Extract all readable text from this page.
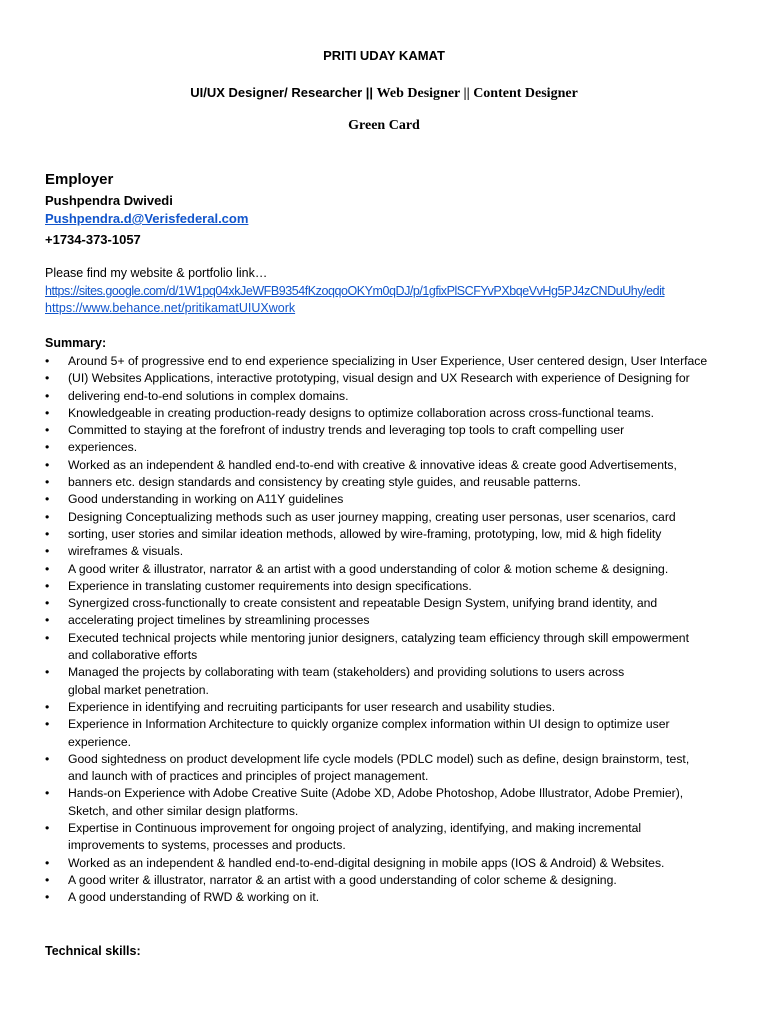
PRITI UDAY KAMAT
UI/UX Designer/ Researcher || Web Designer || Content Designer
Green Card
Employer
Pushpendra Dwivedi
Pushpendra.d@Verisfederal.com
+1734-373-1057
Please find my website & portfolio link…
https://sites.google.com/d/1W1pq04xkJeWFB9354fKzoqqoOKYm0qDJ/p/1gfixPlSCFYvPXbqeVvHg5PJ4zCNDuUhy/edit
https://www.behance.net/pritikamatUIUXwork
Summary:
• Around 5+ of progressive end to end experience specializing in User Experience, User centered design, User Interface
• (UI) Websites Applications, interactive prototyping, visual design and UX Research with experience of Designing for
• delivering end-to-end solutions in complex domains.
• Knowledgeable in creating production-ready designs to optimize collaboration across cross-functional teams.
• Committed to staying at the forefront of industry trends and leveraging top tools to craft compelling user
• experiences.
• Worked as an independent & handled end-to-end with creative & innovative ideas & create good Advertisements,
• banners etc. design standards and consistency by creating style guides, and reusable patterns.
• Good understanding in working on A11Y guidelines
• Designing Conceptualizing methods such as user journey mapping, creating user personas, user scenarios, card
• sorting, user stories and similar ideation methods, allowed by wire-framing, prototyping, low, mid & high fidelity
• wireframes & visuals.
• A good writer & illustrator, narrator & an artist with a good understanding of color & motion scheme & designing.
• Experience in translating customer requirements into design specifications.
• Synergized cross-functionally to create consistent and repeatable Design System, unifying brand identity, and
• accelerating project timelines by streamlining processes
• Executed technical projects while mentoring junior designers, catalyzing team efficiency through skill empowerment
and collaborative efforts
• Managed the projects by collaborating with team (stakeholders) and providing solutions to users across
global market penetration.
• Experience in identifying and recruiting participants for user research and usability studies.
• Experience in Information Architecture to quickly organize complex information within UI design to optimize user
experience.
• Good sightedness on product development life cycle models (PDLC model) such as define, design brainstorm, test,
and launch with of practices and principles of project management.
• Hands-on Experience with Adobe Creative Suite (Adobe XD, Adobe Photoshop, Adobe Illustrator, Adobe Premier),
Sketch, and other similar design platforms.
• Expertise in Continuous improvement for ongoing project of analyzing, identifying, and making incremental
improvements to systems, processes and products.
• Worked as an independent & handled end-to-end-digital designing in mobile apps (IOS & Android) & Websites.
• A good writer & illustrator, narrator & an artist with a good understanding of color scheme & designing.
• A good understanding of RWD & working on it.
Technical skills:
